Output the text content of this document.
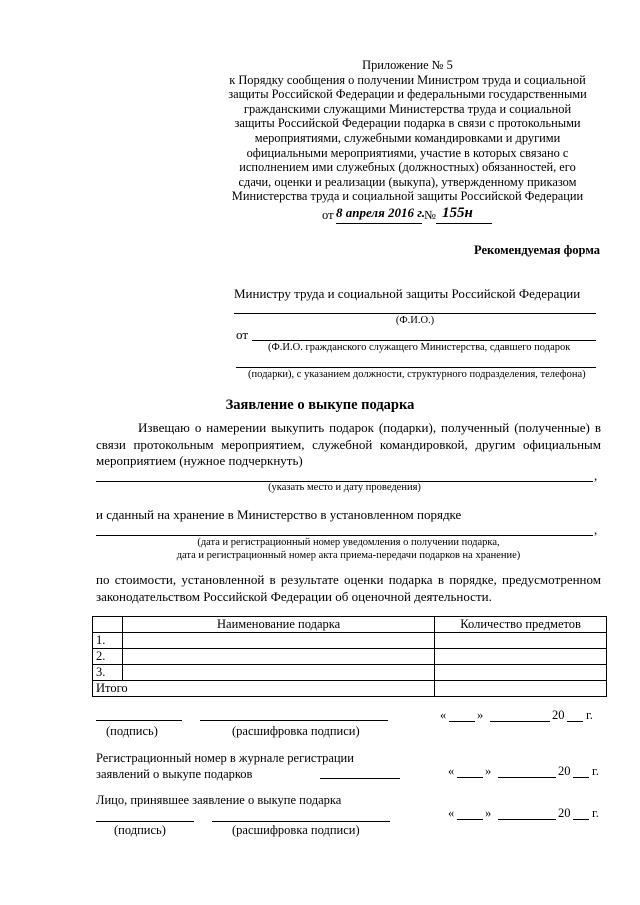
Приложение № 5
к Порядку сообщения о получении Министром труда и социальной
защиты Российской Федерации и федеральными государственными
гражданскими служащими Министерства труда и социальной
защиты Российской Федерации подарка в связи с протокольными
мероприятиями, служебными командировками и другими
официальными мероприятиями, участие в которых связано с
исполнением ими служебных (должностных) обязанностей, его
сдачи, оценки и реализации (выкупа), утвержденному приказом
Министерства труда и социальной защиты Российской Федерации
от 8 апреля 2016 г.
№ 155н
Рекомендуемая форма
Министру труда и социальной защиты Российской Федерации
(Ф.И.О.)
от
(Ф.И.О. гражданского служащего Министерства, сдавшего подарок
(подарки), с указанием должности, структурного подразделения, телефона)
Заявление о выкупе подарка
Извещаю о намерении выкупить подарок (подарки), полученный (полученные) в связи протокольным мероприятием, служебной командировкой, другим официальным мероприятием (нужное подчеркнуть)
,
(указать место и дату проведения)
и сданный на хранение в Министерство в установленном порядке
,
(дата и регистрационный номер уведомления о получении подарка,
дата и регистрационный номер акта приема-передачи подарков на хранение)
по стоимости, установленной в результате оценки подарка в порядке, предусмотренном законодательством Российской Федерации об оценочной деятельности.
	Наименование подарка	Количество предметов
1.		
2.		
3.		
Итого		
(подпись)	(расшифровка подписи)
« »	20 г.
Регистрационный номер в журнале регистрации
заявлений о выкупе подарков	« »	20 г.
Лицо, принявшее заявление о выкупе подарка
(подпись)	(расшифровка подписи)
« »	20 г.
